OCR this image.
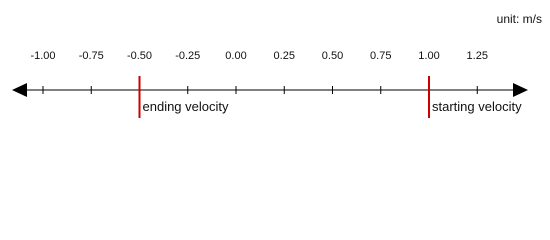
unit: m/s
-1.00 -0.75 -0.50 -0.25 0.00 0.25 0.50 0.75 1.00 1.25
ending velocity	starting velocity
